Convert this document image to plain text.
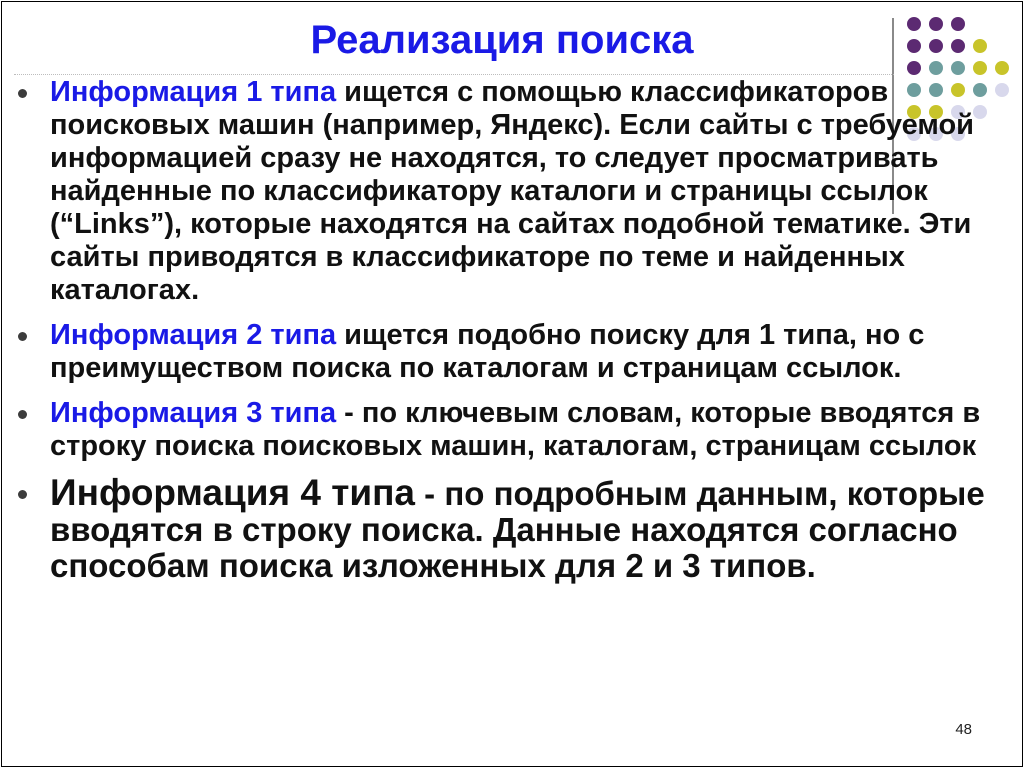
Реализация поиска
Информация 1 типа ищется с помощью классификаторов поисковых машин (например, Яндекс). Если сайты с требуемой информацией сразу не находятся, то следует просматривать найденные по классификатору каталоги и страницы ссылок (“Links”), которые находятся на сайтах подобной тематике. Эти сайты приводятся в классификаторе по теме и найденных каталогах.
Информация 2 типа ищется подобно поиску для 1 типа, но с преимуществом поиска по каталогам и страницам ссылок.
Информация 3 типа - по ключевым словам, которые вводятся в строку поиска поисковых машин, каталогам, страницам ссылок
Информация 4 типа - по подробным данным, которые вводятся в строку поиска. Данные находятся согласно способам поиска изложенных для 2 и 3 типов.
48
